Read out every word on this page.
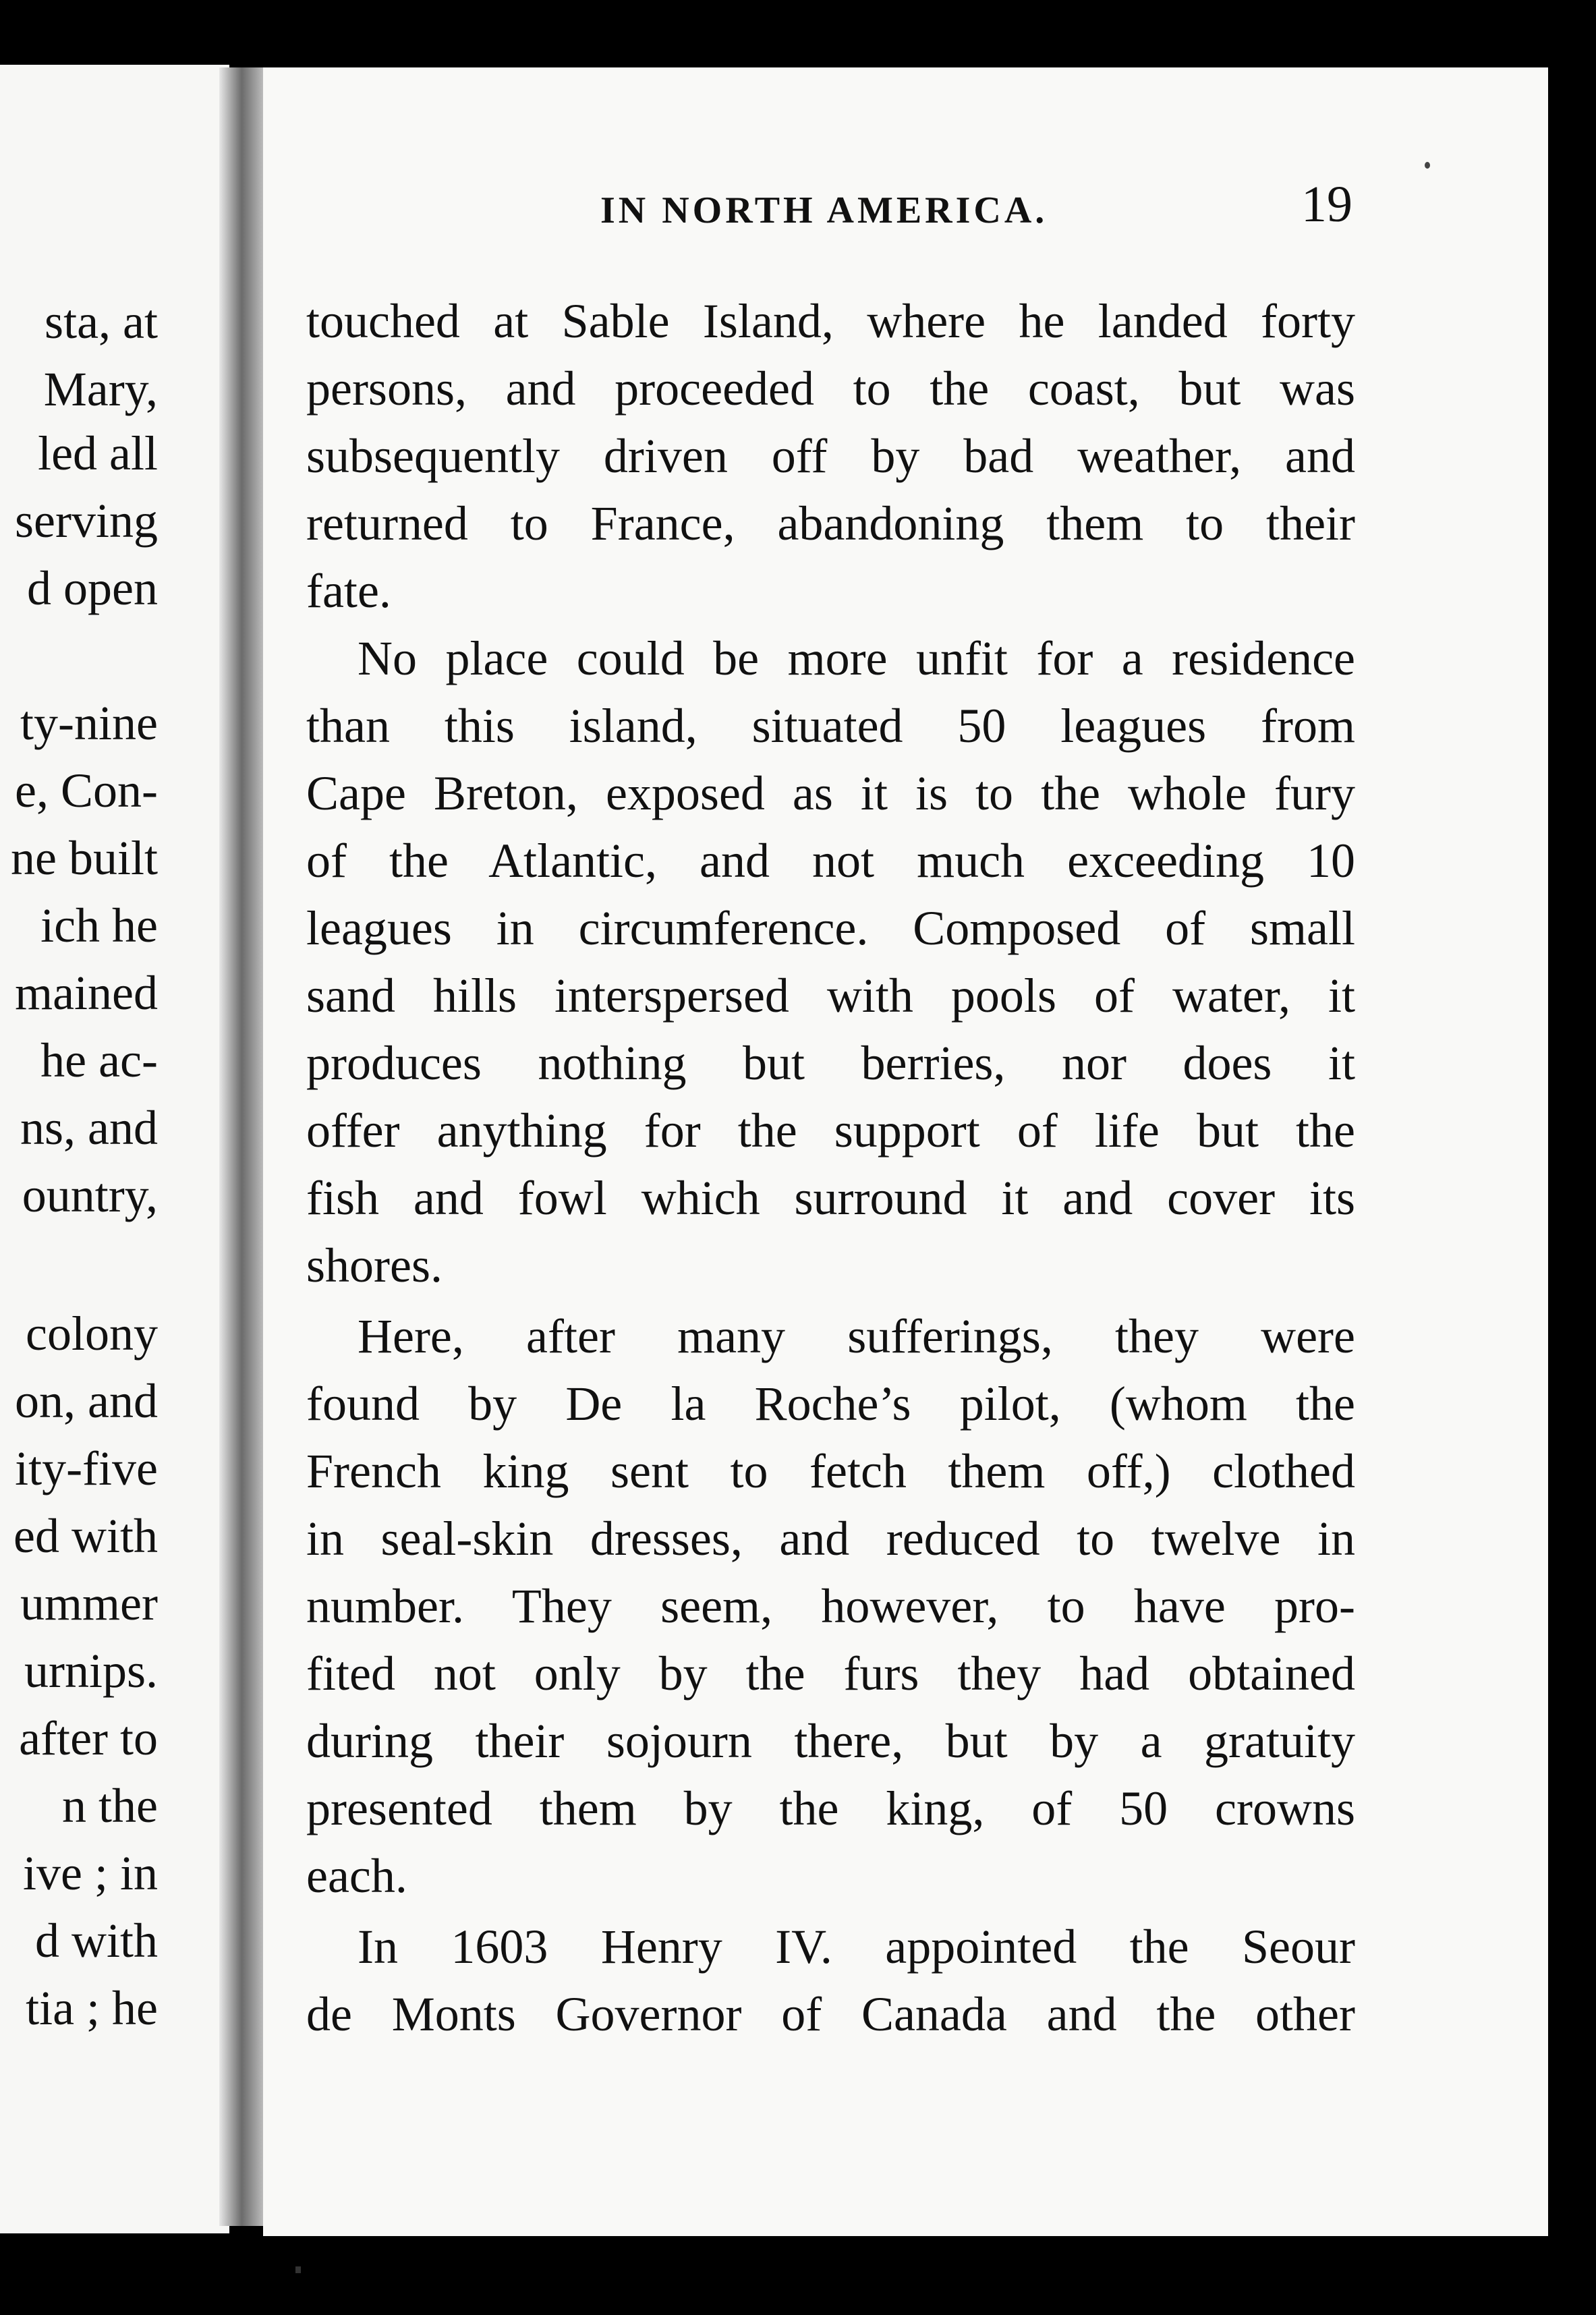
sta, at
Mary,
led all
serving
d open
ty-nine
e, Con-
ne built
ich he
mained
he ac-
ns, and
ountry,
colony
on, and
ity-five
ed with
ummer
urnips.
after to
n the
ive ; in
d with
tia ; he
IN NORTH AMERICA.	19
touched at Sable Island, where he landed forty
persons, and proceeded to the coast, but was
subsequently driven off by bad weather, and
returned to France, abandoning them to their
fate.
No place could be more unfit for a residence
than this island, situated 50 leagues from
Cape Breton, exposed as it is to the whole fury
of the Atlantic, and not much exceeding 10
leagues in circumference. Composed of small
sand hills interspersed with pools of water, it
produces nothing but berries, nor does it
offer anything for the support of life but the
fish and fowl which surround it and cover its
shores.
Here, after many sufferings, they were
found by De la Roche’s pilot, (whom the
French king sent to fetch them off,) clothed
in seal-skin dresses, and reduced to twelve in
number. They seem, however, to have pro-
fited not only by the furs they had obtained
during their sojourn there, but by a gratuity
presented them by the king, of 50 crowns
each.
In 1603 Henry IV. appointed the Seour
de Monts Governor of Canada and the other
